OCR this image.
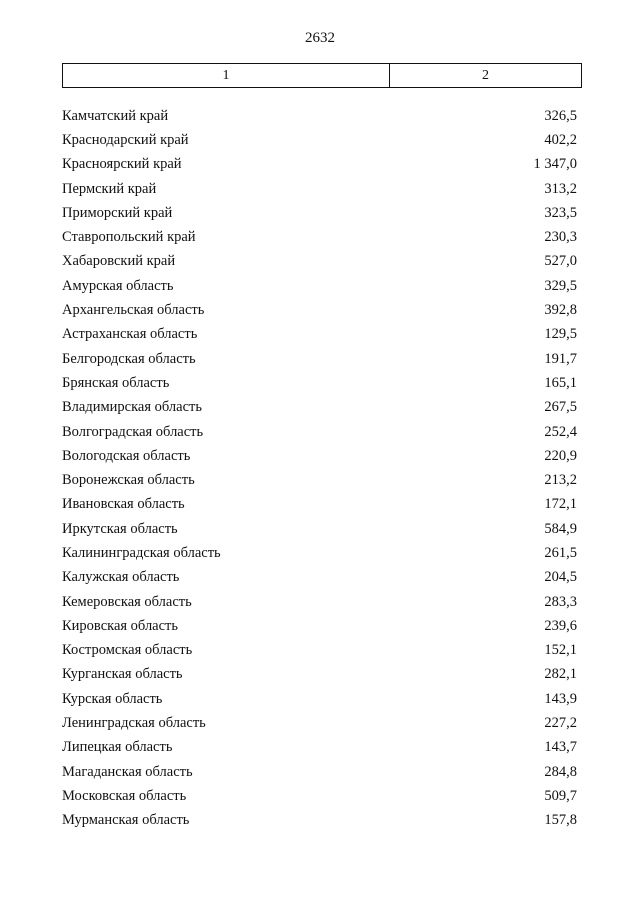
2632
1	2
Камчатский край	326,5
Краснодарский край	402,2
Красноярский край	1 347,0
Пермский край	313,2
Приморский край	323,5
Ставропольский край	230,3
Хабаровский край	527,0
Амурская область	329,5
Архангельская область	392,8
Астраханская область	129,5
Белгородская область	191,7
Брянская область	165,1
Владимирская область	267,5
Волгоградская область	252,4
Вологодская область	220,9
Воронежская область	213,2
Ивановская область	172,1
Иркутская область	584,9
Калининградская область	261,5
Калужская область	204,5
Кемеровская область	283,3
Кировская область	239,6
Костромская область	152,1
Курганская область	282,1
Курская область	143,9
Ленинградская область	227,2
Липецкая область	143,7
Магаданская область	284,8
Московская область	509,7
Мурманская область	157,8
